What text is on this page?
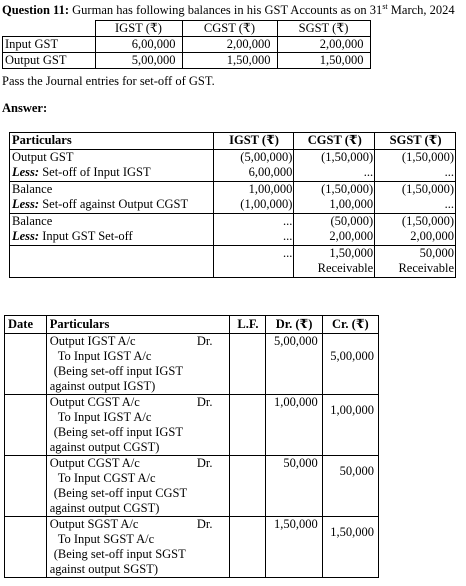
Question 11: Gurman has following balances in his GST Accounts as on 31st March, 2024
	IGST (₹)	CGST (₹)	SGST (₹)
Input GST	6,00,000	2,00,000	2,00,000
Output GST	5,00,000	1,50,000	1,50,000
Pass the Journal entries for set-off of GST.
Answer:
Particulars	IGST (₹)	CGST (₹)	SGST (₹)
Output GST	(5,00,000)	(1,50,000)	(1,50,000)
Less: Set-off of Input IGST	6,00,000	...	...
Balance	1,00,000	(1,50,000)	(1,50,000)
Less: Set-off against Output CGST	(1,00,000)	1,00,000	...
Balance	...	(50,000)	(1,50,000)
Less: Input GST Set-off	...	2,00,000	2,00,000
	...	1,50,000	50,000
		Receivable	Receivable
Date	Particulars	L.F.	Dr. (₹)	Cr. (₹)

	Output IGST A/c Dr.
To Input IGST A/c
(Being set-off input IGST
against output IGST)		5,00,000	5,00,000

	Output CGST A/c Dr.
To Input IGST A/c
(Being set-off input IGST
against output CGST)		1,00,000	1,00,000

	Output CGST A/c Dr.
To Input CGST A/c
(Being set-off input CGST
against output CGST)		50,000	50,000

	Output SGST A/c Dr.
To Input SGST A/c
(Being set-off input SGST
against output SGST)		1,50,000	1,50,000
